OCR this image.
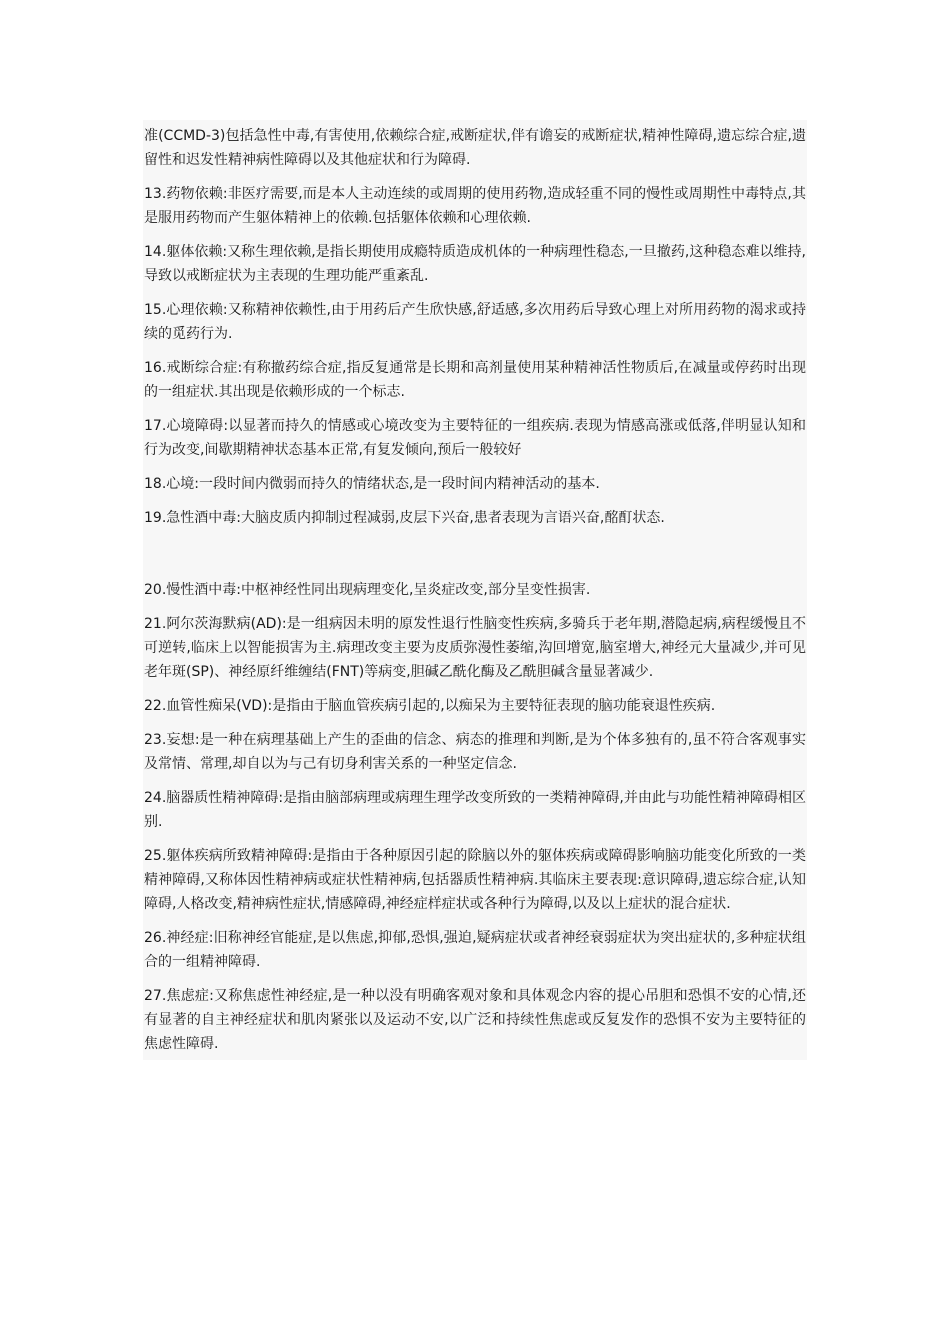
准(CCMD-3)包括急性中毒,有害使用,依赖综合症,戒断症状,伴有谵妄的戒断症状,精神性障碍,遗忘综合症,遗留性和迟发性精神病性障碍以及其他症状和行为障碍.

13.药物依赖:非医疗需要,而是本人主动连续的或周期的使用药物,造成轻重不同的慢性或周期性中毒特点,其是服用药物而产生躯体精神上的依赖.包括躯体依赖和心理依赖.

14.躯体依赖:又称生理依赖,是指长期使用成瘾特质造成机体的一种病理性稳态,一旦撤药,这种稳态难以维持,导致以戒断症状为主表现的生理功能严重紊乱.

15.心理依赖:又称精神依赖性,由于用药后产生欣快感,舒适感,多次用药后导致心理上对所用药物的渴求或持续的觅药行为.

16.戒断综合症:有称撤药综合症,指反复通常是长期和高剂量使用某种精神活性物质后,在减量或停药时出现的一组症状.其出现是依赖形成的一个标志.

17.心境障碍:以显著而持久的情感或心境改变为主要特征的一组疾病.表现为情感高涨或低落,伴明显认知和行为改变,间歇期精神状态基本正常,有复发倾向,预后一般较好

18.心境:一段时间内微弱而持久的情绪状态,是一段时间内精神活动的基本.

19.急性酒中毒:大脑皮质内抑制过程减弱,皮层下兴奋,患者表现为言语兴奋,酩酊状态.

20.慢性酒中毒:中枢神经性同出现病理变化,呈炎症改变,部分呈变性损害.

21.阿尔茨海默病(AD):是一组病因未明的原发性退行性脑变性疾病,多骑兵于老年期,潜隐起病,病程缓慢且不可逆转,临床上以智能损害为主.病理改变主要为皮质弥漫性萎缩,沟回增宽,脑室增大,神经元大量减少,并可见老年斑(SP)、神经原纤维缠结(FNT)等病变,胆碱乙酰化酶及乙酰胆碱含量显著减少.

22.血管性痴呆(VD):是指由于脑血管疾病引起的,以痴呆为主要特征表现的脑功能衰退性疾病.

23.妄想:是一种在病理基础上产生的歪曲的信念、病态的推理和判断,是为个体多独有的,虽不符合客观事实及常情、常理,却自以为与己有切身利害关系的一种坚定信念.

24.脑器质性精神障碍:是指由脑部病理或病理生理学改变所致的一类精神障碍,并由此与功能性精神障碍相区别.

25.躯体疾病所致精神障碍:是指由于各种原因引起的除脑以外的躯体疾病或障碍影响脑功能变化所致的一类精神障碍,又称体因性精神病或症状性精神病,包括器质性精神病.其临床主要表现:意识障碍,遗忘综合症,认知障碍,人格改变,精神病性症状,情感障碍,神经症样症状或各种行为障碍,以及以上症状的混合症状.

26.神经症:旧称神经官能症,是以焦虑,抑郁,恐惧,强迫,疑病症状或者神经衰弱症状为突出症状的,多种症状组合的一组精神障碍.

27.焦虑症:又称焦虑性神经症,是一种以没有明确客观对象和具体观念内容的提心吊胆和恐惧不安的心情,还有显著的自主神经症状和肌肉紧张以及运动不安,以广泛和持续性焦虑或反复发作的恐惧不安为主要特征的焦虑性障碍.
